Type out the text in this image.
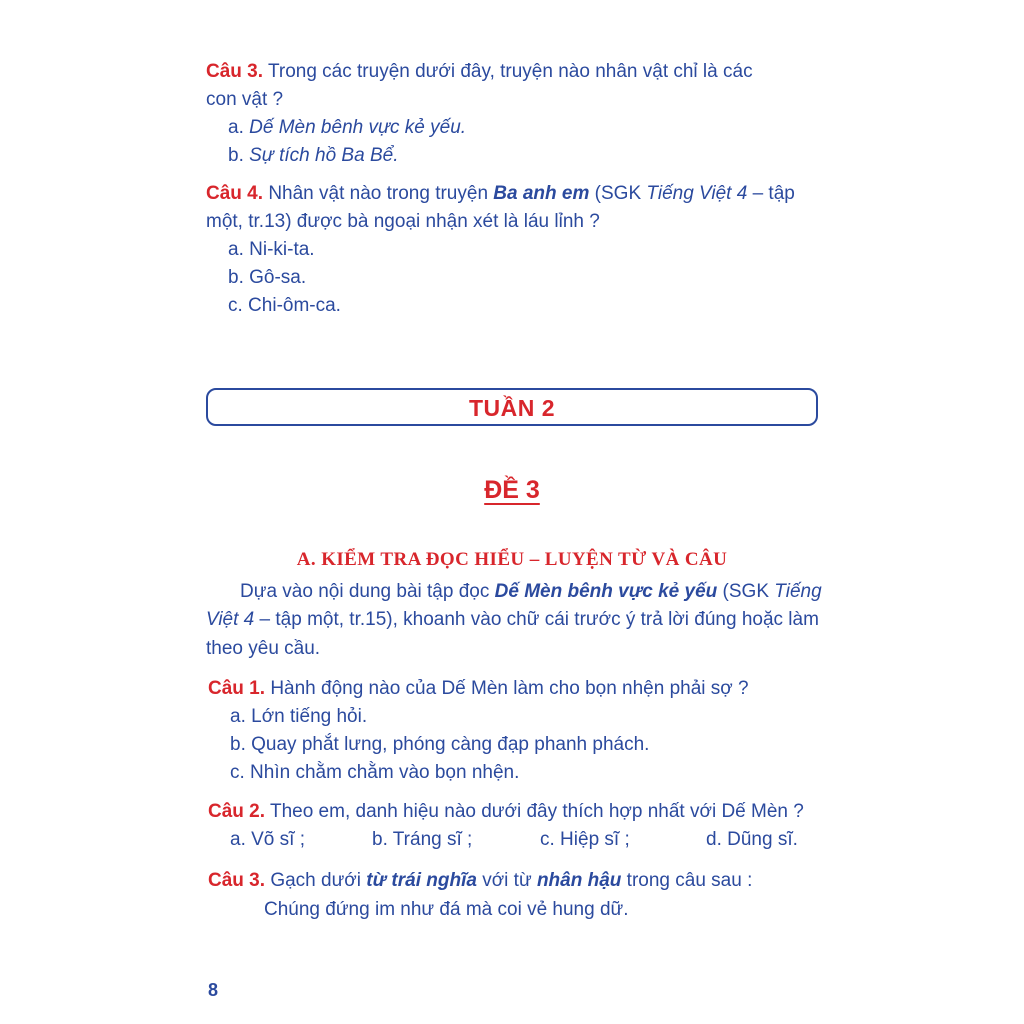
Câu 3. Trong các truyện dưới đây, truyện nào nhân vật chỉ là các
con vật ?
a. Dế Mèn bênh vực kẻ yếu.
b. Sự tích hồ Ba Bể.
Câu 4. Nhân vật nào trong truyện Ba anh em (SGK Tiếng Việt 4 – tập
một, tr.13) được bà ngoại nhận xét là láu lỉnh ?
a. Ni-ki-ta.
b. Gô-sa.
c. Chi-ôm-ca.
TUẦN 2
ĐỀ 3
A. KIỂM TRA ĐỌC HIỂU – LUYỆN TỪ VÀ CÂU
Dựa vào nội dung bài tập đọc Dế Mèn bênh vực kẻ yếu (SGK Tiếng
Việt 4 – tập một, tr.15), khoanh vào chữ cái trước ý trả lời đúng hoặc làm
theo yêu cầu.
Câu 1. Hành động nào của Dế Mèn làm cho bọn nhện phải sợ ?
a. Lớn tiếng hỏi.
b. Quay phắt lưng, phóng càng đạp phanh phách.
c. Nhìn chằm chằm vào bọn nhện.
Câu 2. Theo em, danh hiệu nào dưới đây thích hợp nhất với Dế Mèn ?
a. Võ sĩ ;	b. Tráng sĩ ;	c. Hiệp sĩ ;	d. Dũng sĩ.
Câu 3. Gạch dưới từ trái nghĩa với từ nhân hậu trong câu sau :
Chúng đứng im như đá mà coi vẻ hung dữ.
8
